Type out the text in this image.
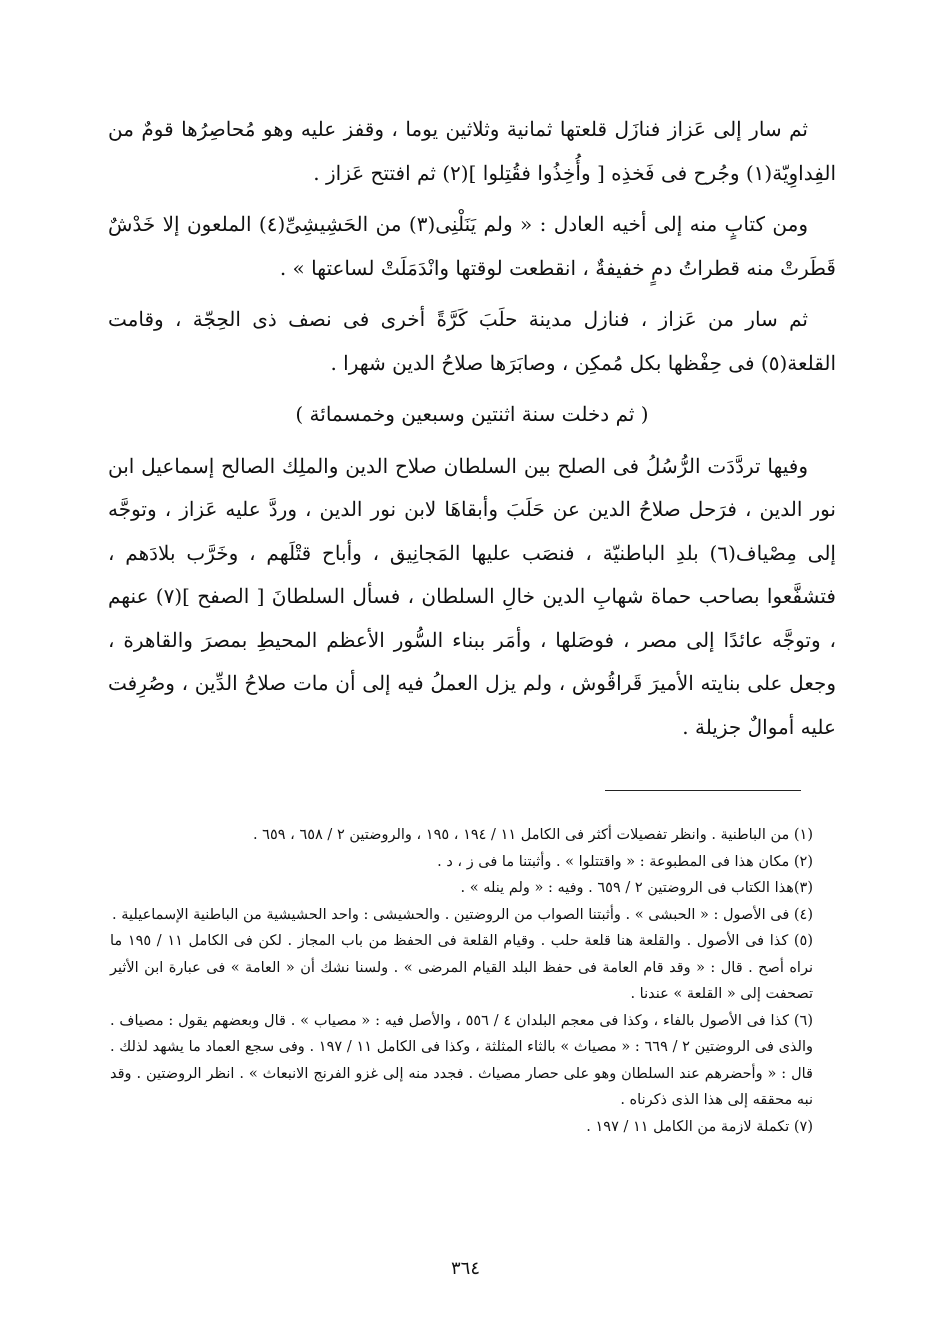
ثم سار إلى عَزاز فنازَل قلعتها ثمانية وثلاثين يوما ، وقفز عليه وهو مُحاصِرُها قومٌ من الفِداوِيّة(١) وجُرح فى فَخذِه [ وأُخِذُوا فقُتِلوا ](٢) ثم افتتح عَزاز .

ومن كتابٍ منه إلى أخيه العادل : « ولم يَنَلْنِى(٣) من الحَشِيشِىِّ(٤) الملعون إلا خَدْشٌ قَطَرتْ منه قطراتُ دمٍ خفيفةٌ ، انقطعت لوقتها وانْدَمَلَتْ لساعتها » .

ثم سار من عَزاز ، فنازل مدينة حلَبَ كَرَّةً أخرى فى نصف ذى الحِجّة ، وقامت القلعة(٥) فى حِفْظها بكل مُمكِن ، وصابَرَها صلاحُ الدين شهرا .

( ثم دخلت سنة اثنتين وسبعين وخمسمائة )

وفيها تردَّدَت الرُّسُلُ فى الصلح بين السلطان صلاح الدين والملِك الصالح إسماعيل ابن نور الدين ، فرَحل صلاحُ الدين عن حَلَبَ وأبقاهَا لابن نور الدين ، وردَّ عليه عَزاز ، وتوجَّه إلى مِصْياف(٦) بلدِ الباطنيّة ، فنصَب عليها المَجانِيق ، وأباح قتْلَهم ، وخَرَّب بلادَهم ، فتشفَّعوا بصاحب حماة شهابِ الدين خالِ السلطان ، فسأل السلطانَ [ الصفح ](٧) عنهم ، وتوجَّه عائدًا إلى مصر ، فوصَلها ، وأمَر ببناء السُّور الأعظم المحيطِ بمصرَ والقاهرة ، وجعل على بنايته الأميرَ قَراقُوش ، ولم يزل العملُ فيه إلى أن مات صلاحُ الدِّين ، وصُرِفت عليه أموالٌ جزيلة .

(١) من الباطنية . وانظر تفصيلات أكثر فى الكامل ١١ / ١٩٤ ، ١٩٥ ، والروضتين ٢ / ٦٥٨ ، ٦٥٩ .

(٢) مكان هذا فى المطبوعة : « واقتتلوا » . وأثبتنا ما فى ز ، د .

(٣)هذا الكتاب فى الروضتين ٢ / ٦٥٩ . وفيه : « ولم ينله » .

(٤) فى الأصول : « الحبشى » . وأثبتنا الصواب من الروضتين . والحشيشى : واحد الحشيشية من الباطنية الإسماعيلية .

(٥) كذا فى الأصول . والقلعة هنا قلعة حلب . وقيام القلعة فى الحفظ من باب المجاز . لكن فى الكامل ١١ / ١٩٥ ما نراه أصح . قال : « وقد قام العامة فى حفظ البلد القيام المرضى » . ولسنا نشك أن « العامة » فى عبارة ابن الأثير تصحفت إلى « القلعة » عندنا .

(٦) كذا فى الأصول بالفاء ، وكذا فى معجم البلدان ٤ / ٥٥٦ ، والأصل فيه : « مصياب » . قال وبعضهم يقول : مصياف . والذى فى الروضتين ٢ / ٦٦٩ : « مصياث » بالثاء المثلثة ، وكذا فى الكامل ١١ / ١٩٧ . وفى سجع العماد ما يشهد لذلك . قال : « وأحضرهم عند السلطان وهو على حصار مصياث . فجدد منه إلى غزو الفرنج الانبعاث » . انظر الروضتين . وقد نبه محققه إلى هذا الذى ذكرناه .

(٧) تكملة لازمة من الكامل ١١ / ١٩٧ .

٣٦٤
